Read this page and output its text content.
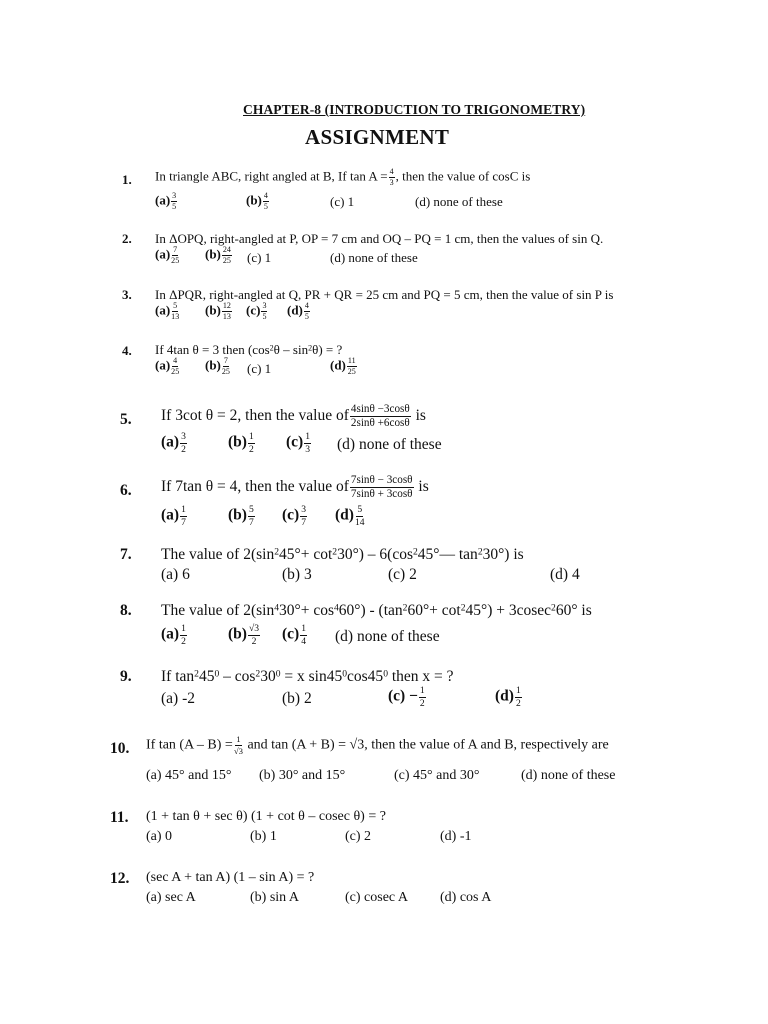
CHAPTER-8 (INTRODUCTION TO TRIGONOMETRY)
ASSIGNMENT
1. In triangle ABC, right angled at B, If $\tan A = \frac{4}{3}$ , then the value of cosC is
$(a) \frac{3}{5}$	$(b) \frac{4}{5}$	(c) 1	(d) none of these
2. In ΔOPQ, right-angled at P, OP = 7 cm and OQ – PQ = 1 cm, then the values of sin Q.
$(a) \frac{7}{25} (b) \frac{24}{25} (c)$ 1	(d) none of these
3. In ΔPQR, right-angled at Q, PR + QR = 25 cm and PQ = 5 cm, then the value of sin P is
$(a) \frac{5}{13} (b) \frac{12}{13} (c) \frac{3}{5} (d) \frac{4}{5}$
4. If 4tan θ = 3 then $(\cos^2\theta - \sin^2\theta)$ = ?
$(a) \frac{4}{25} (b) \frac{7}{25} (c)$ 1	$(d) \frac{11}{25}$
5. If 3cot θ = 2, then the value of $\frac{4\sin\theta -3\cos\theta}{2\sin\theta +6\cos\theta}$ is
$(a) \frac{3}{2}$	$(b) \frac{1}{2} (c) \frac{1}{3} (d)$ none of these
6. If 7tan θ = 4, then the value of $\frac{7\sin\theta - 3\cos\theta}{7\sin\theta + 3\cos\theta}$ is
$(a) \frac{1}{7}$	$(b) \frac{5}{7} (c) \frac{3}{7} (d) \frac{5}{14}$
7. The value of $2(\sin^245^\circ+ \cot^230^\circ)$ – $6(\cos^245^\circ—$ $\tan^230^\circ$) is
(a) 6	(b) 3	(c) 2	(d) 4
8. The value of $2(\sin^430^\circ+ \cos^460^\circ) - (\tan^260^\circ+ \cot^245^\circ) + 3cosec^260^\circ$ is
$(a) \frac{1}{2}$	$(b) \frac{√3}{2} (c) \frac{1}{4} (d)$ none of these
9. If $\tan^245^0 - \cos^230^0 = x$ $\sin 45^0\cos 45^0$ then x = ?
(a) -2	(b) 2	$(c) - \frac{1}{2}$	$(d) \frac{1}{2}$
10. If $\tan (A - B) = \frac{1}{√3}$ and tan (A + B) = √3, then the value of A and B, respectively are
(a) 45° and 15° (b) 30° and 15°	(c) 45° and 30°	(d) none of these
11. (1 + tan θ + sec θ) (1 + cot θ – cosec θ) = ?
(a) 0	(b) 1	(c) 2	(d) -1
12. (sec A + tan A) (1 – sin A) = ?
(a) sec A	(b) sin A	(c) cosec A (d) cos A
